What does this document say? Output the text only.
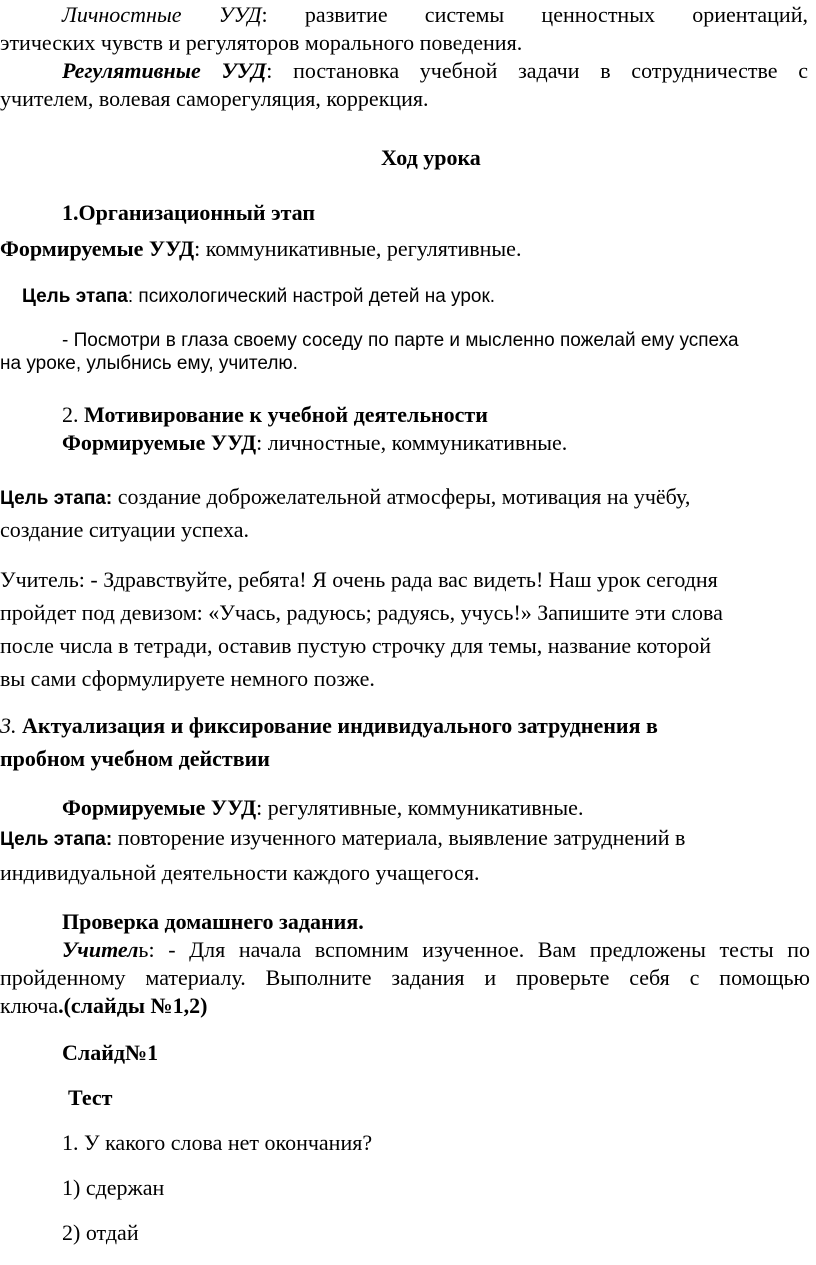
Личностные УУД: развитие системы ценностных ориентаций,
этических чувств и регуляторов морального поведения.
Регулятивные УУД: постановка учебной задачи в сотрудничестве с
учителем, волевая саморегуляция, коррекция.
Ход урока
1.Организационный этап
Формируемые УУД: коммуникативные, регулятивные.
Цель этапа: психологический настрой детей на урок.
- Посмотри в глаза своему соседу по парте и мысленно пожелай ему успеха
на уроке, улыбнись ему, учителю.
2. Мотивирование к учебной деятельности
Формируемые УУД: личностные, коммуникативные.
Цель этапа: создание доброжелательной атмосферы, мотивация на учёбу,
создание ситуации успеха.
Учитель: - Здравствуйте, ребята! Я очень рада вас видеть! Наш урок сегодня
пройдет под девизом: «Учась, радуюсь; радуясь, учусь!» Запишите эти слова
после числа в тетради, оставив пустую строчку для темы, название которой
вы сами сформулируете немного позже.
3. Актуализация и фиксирование индивидуального затруднения в
пробном учебном действии
Формируемые УУД: регулятивные, коммуникативные.
Цель этапа: повторение изученного материала, выявление затруднений в
индивидуальной деятельности каждого учащегося.
Проверка домашнего задания.
Учитель: - Для начала вспомним изученное. Вам предложены тесты по
пройденному материалу. Выполните задания и проверьте себя с помощью
ключа.(слайды №1,2)
Слайд№1
Тест
1. У какого слова нет окончания?
1) сдержан
2) отдай
